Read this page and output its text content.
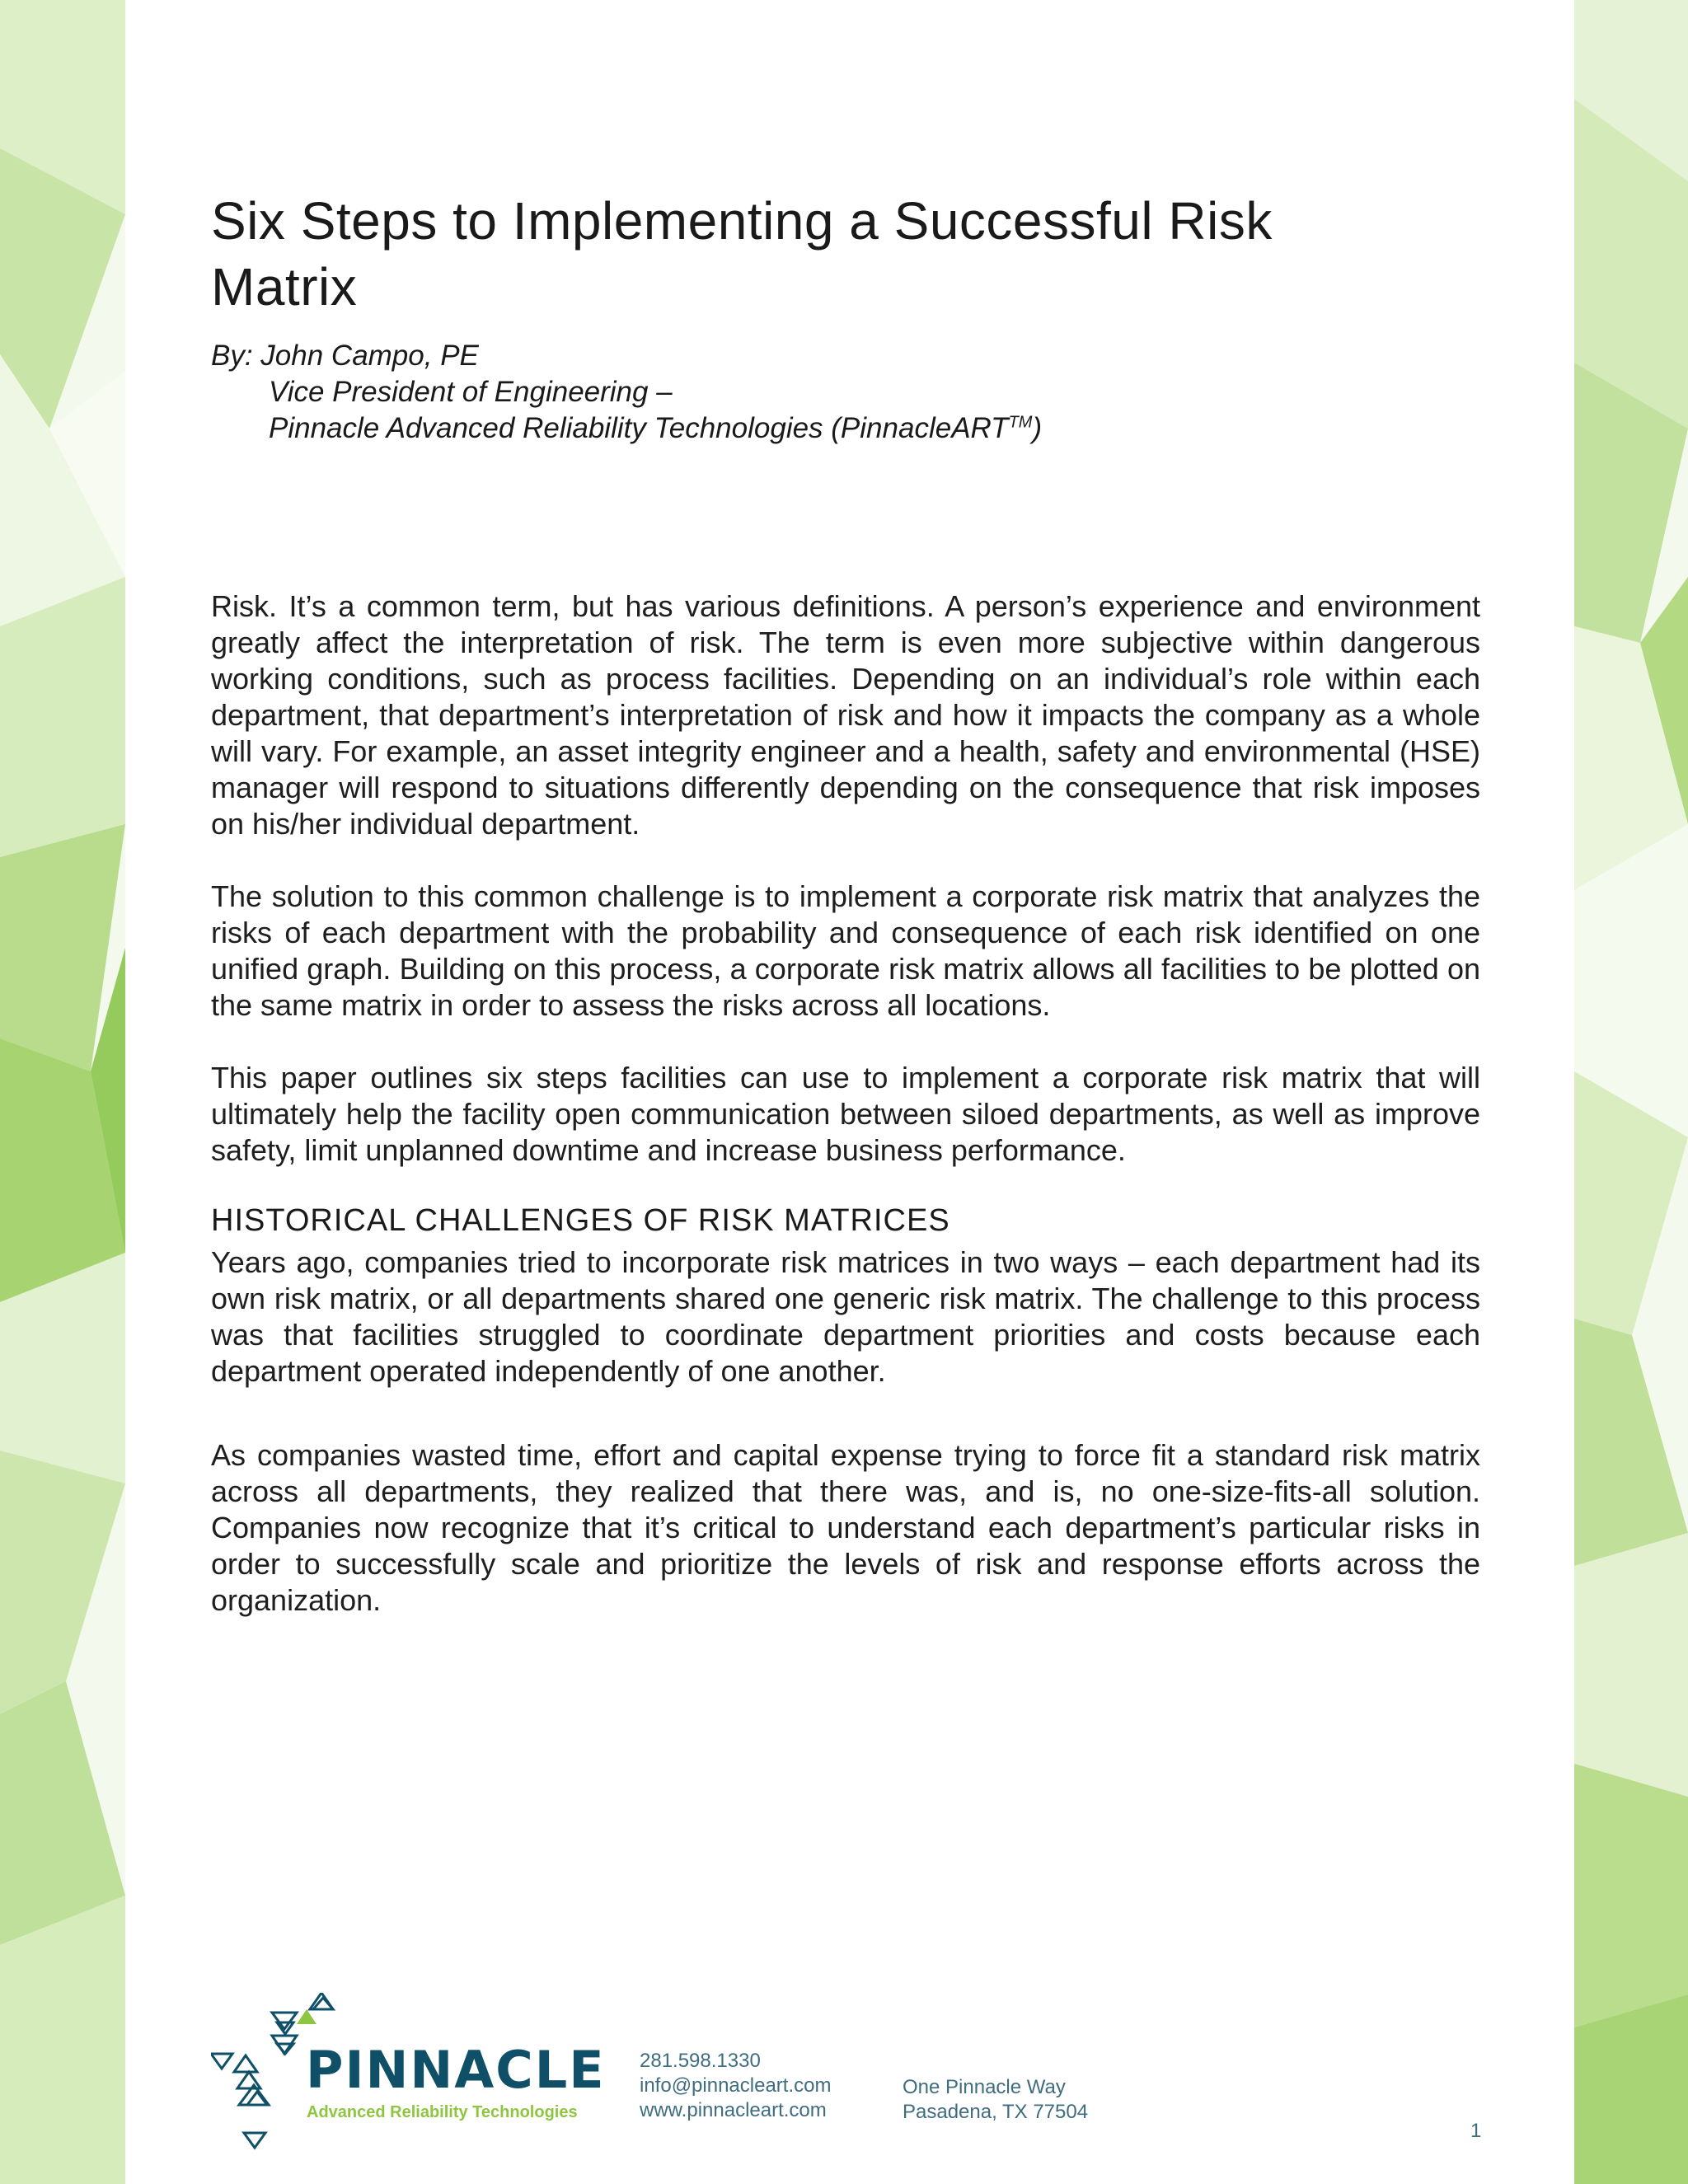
Six Steps to Implementing a Successful Risk Matrix
By: John Campo, PE
Vice President of Engineering –
Pinnacle Advanced Reliability Technologies (PinnacleART™)

Risk. It’s a common term, but has various definitions. A person’s experience and environment greatly affect the interpretation of risk. The term is even more subjective within dangerous working conditions, such as process facilities. Depending on an individual’s role within each department, that department’s interpretation of risk and how it impacts the company as a whole will vary. For example, an asset integrity engineer and a health, safety and environmental (HSE) manager will respond to situations differently depending on the consequence that risk imposes on his/her individual department.

The solution to this common challenge is to implement a corporate risk matrix that analyzes the risks of each department with the probability and consequence of each risk identified on one unified graph. Building on this process, a corporate risk matrix allows all facilities to be plotted on the same matrix in order to assess the risks across all locations.

This paper outlines six steps facilities can use to implement a corporate risk matrix that will ultimately help the facility open communication between siloed departments, as well as improve safety, limit unplanned downtime and increase business performance.

HISTORICAL CHALLENGES OF RISK MATRICES

Years ago, companies tried to incorporate risk matrices in two ways – each department had its own risk matrix, or all departments shared one generic risk matrix. The challenge to this process was that facilities struggled to coordinate department priorities and costs because each department operated independently of one another.

As companies wasted time, effort and capital expense trying to force fit a standard risk matrix across all departments, they realized that there was, and is, no one-size-fits-all solution. Companies now recognize that it’s critical to understand each department’s particular risks in order to successfully scale and prioritize the levels of risk and response efforts across the organization.

PINNACLE
Advanced Reliability Technologies
281.598.1330
info@pinnacleart.com
www.pinnacleart.com
One Pinnacle Way
Pasadena, TX 77504
1
